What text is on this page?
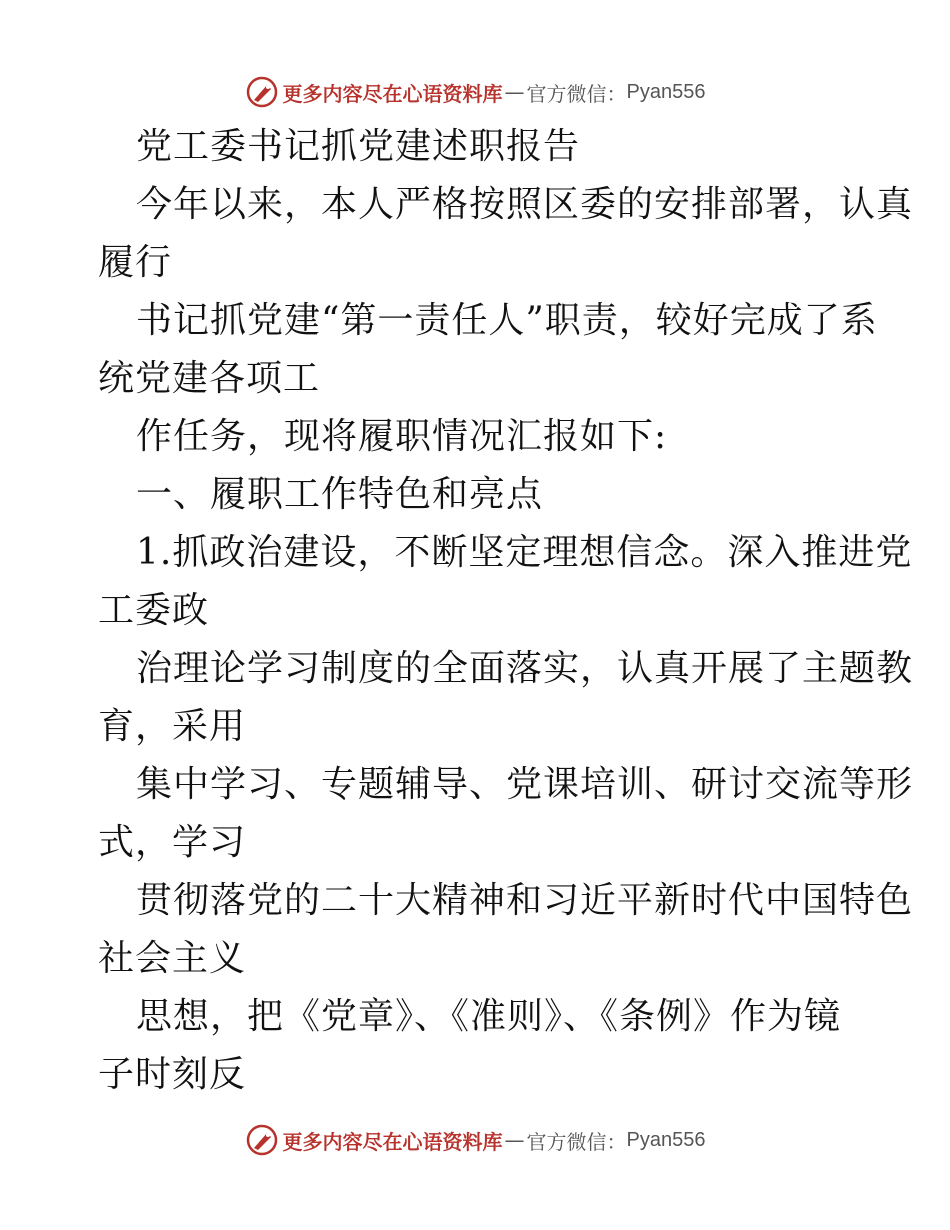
更多内容尽在心语资料库 — 官方微信： Pyan556
党工委书记抓党建述职报告
今年以来，本人严格按照区委的安排部署，认真
履行
书记抓党建“第一责任人”职责，较好完成了系
统党建各项工
作任务，现将履职情况汇报如下:
一、履职工作特色和亮点
1.抓政治建设，不断坚定理想信念。深入推进党
工委政
治理论学习制度的全面落实，认真开展了主题教
育，采用
集中学习、专题辅导、党课培训、研讨交流等形
式，学习
贯彻落党的二十大精神和习近平新时代中国特色
社会主义
思想，把《党章》、《准则》、《条例》作为镜
子时刻反
更多内容尽在心语资料库 — 官方微信： Pyan556
